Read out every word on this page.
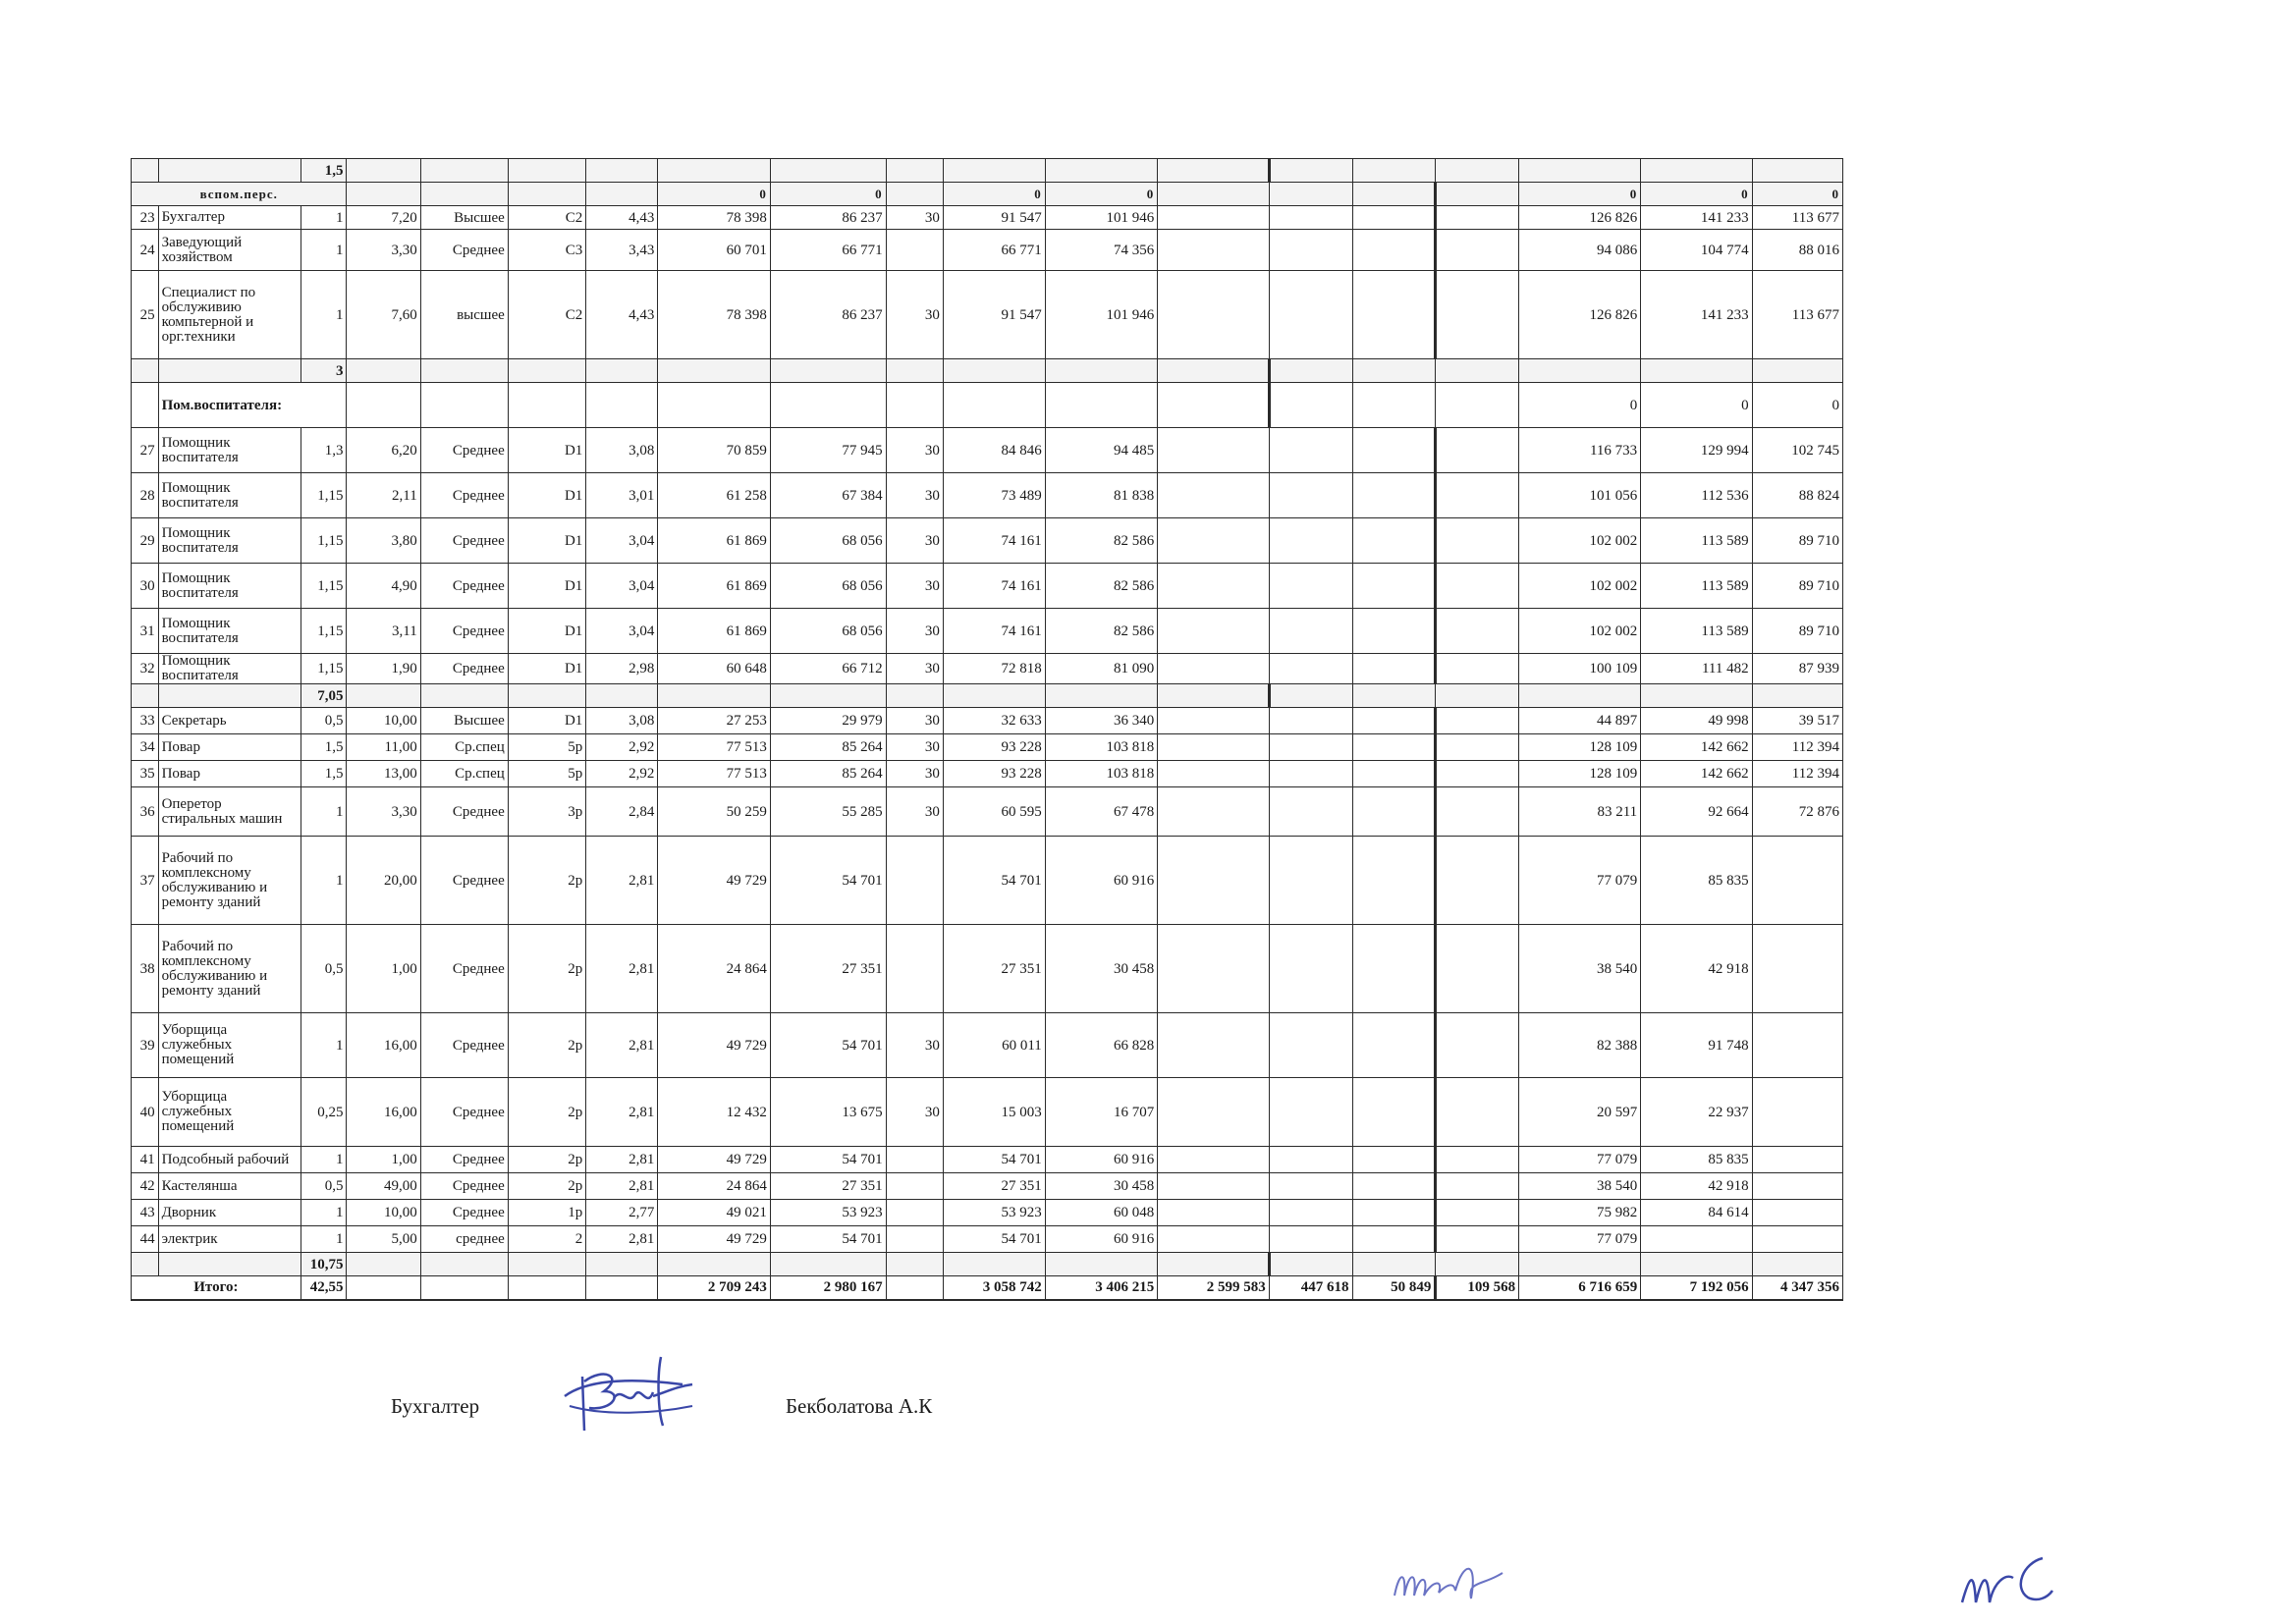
		1,5																
вспом.перс.							0	0		0	0					0	0	0
23	Бухгалтер	1	7,20	Высшее	C2	4,43	78 398	86 237	30	91 547	101 946					126 826	141 233	113 677
24	Заведующий хозяйством	1	3,30	Среднее	C3	3,43	60 701	66 771		66 771	74 356					94 086	104 774	88 016
25	Специалист по обслуживию компьтерной и орг.техники	1	7,60	высшее	C2	4,43	78 398	86 237	30	91 547	101 946					126 826	141 233	113 677
		3																
	Пом.воспитателя:															0	0	0
27	Помощник воспитателя	1,3	6,20	Среднее	D1	3,08	70 859	77 945	30	84 846	94 485					116 733	129 994	102 745
28	Помощник воспитателя	1,15	2,11	Среднее	D1	3,01	61 258	67 384	30	73 489	81 838					101 056	112 536	88 824
29	Помощник воспитателя	1,15	3,80	Среднее	D1	3,04	61 869	68 056	30	74 161	82 586					102 002	113 589	89 710
30	Помощник воспитателя	1,15	4,90	Среднее	D1	3,04	61 869	68 056	30	74 161	82 586					102 002	113 589	89 710
31	Помощник воспитателя	1,15	3,11	Среднее	D1	3,04	61 869	68 056	30	74 161	82 586					102 002	113 589	89 710
32	Помощник воспитателя	1,15	1,90	Среднее	D1	2,98	60 648	66 712	30	72 818	81 090					100 109	111 482	87 939
		7,05																
33	Секретарь	0,5	10,00	Высшее	D1	3,08	27 253	29 979	30	32 633	36 340					44 897	49 998	39 517
34	Повар	1,5	11,00	Ср.спец	5р	2,92	77 513	85 264	30	93 228	103 818					128 109	142 662	112 394
35	Повар	1,5	13,00	Ср.спец	5р	2,92	77 513	85 264	30	93 228	103 818					128 109	142 662	112 394
36	Оперетор стиральных машин	1	3,30	Среднее	3р	2,84	50 259	55 285	30	60 595	67 478					83 211	92 664	72 876
37	Рабочий по комплексному обслуживанию и ремонту зданий	1	20,00	Среднее	2р	2,81	49 729	54 701		54 701	60 916					77 079	85 835	
38	Рабочий по комплексному обслуживанию и ремонту зданий	0,5	1,00	Среднее	2р	2,81	24 864	27 351		27 351	30 458					38 540	42 918	
39	Уборщица служебных помещений	1	16,00	Среднее	2р	2,81	49 729	54 701	30	60 011	66 828					82 388	91 748	
40	Уборщица служебных помещений	0,25	16,00	Среднее	2р	2,81	12 432	13 675	30	15 003	16 707					20 597	22 937	
41	Подсобный рабочий	1	1,00	Среднее	2р	2,81	49 729	54 701		54 701	60 916					77 079	85 835	
42	Кастелянша	0,5	49,00	Среднее	2р	2,81	24 864	27 351		27 351	30 458					38 540	42 918	
43	Дворник	1	10,00	Среднее	1р	2,77	49 021	53 923		53 923	60 048					75 982	84 614	
44	электрик	1	5,00	среднее	2	2,81	49 729	54 701		54 701	60 916					77 079		
		10,75																
Итого:		42,55					2 709 243	2 980 167		3 058 742	3 406 215	2 599 583	447 618	50 849	109 568	6 716 659	7 192 056	4 347 356
Бухгалтер	Бекболатова А.К
